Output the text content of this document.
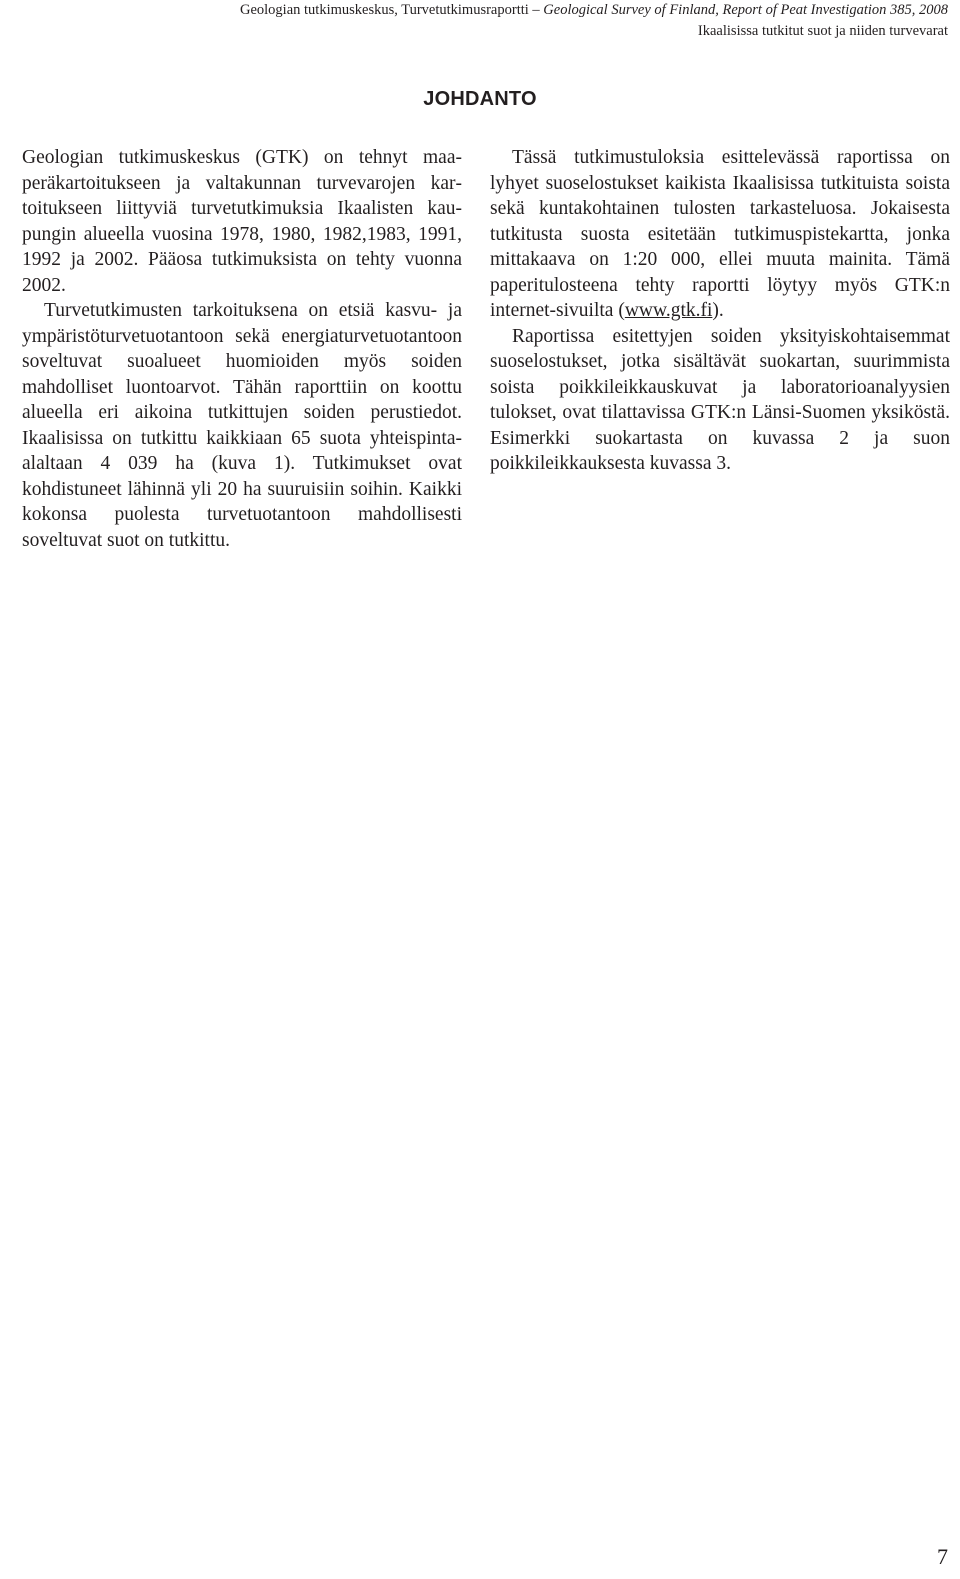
Geologian tutkimuskeskus, Turvetutkimusraportti – Geological Survey of Finland, Report of Peat Investigation 385, 2008
Ikaalisissa tutkitut suot ja niiden turvevarat
JOHDANTO

Geologian tutkimuskeskus (GTK) on tehnyt maaperäkartoitukseen ja valtakunnan turvevarojen kartoitukseen liittyviä turvetutkimuksia Ikaalisten kaupungin alueella vuosina 1978, 1980, 1982,1983, 1991, 1992 ja 2002. Pääosa tutkimuksista on tehty vuonna 2002.

Turvetutkimusten tarkoituksena on etsiä kasvu- ja ympäristöturvetuotantoon sekä energiaturvetuotantoon soveltuvat suoalueet huomioiden myös soiden mahdolliset luontoarvot. Tähän raporttiin on koottu alueella eri aikoina tutkittujen soiden perustiedot. Ikaalisissa on tutkittu kaikkiaan 65 suota yhteispinta-alaltaan 4 039 ha (kuva 1). Tutkimukset ovat kohdistuneet lähinnä yli 20 ha suuruisiin soihin. Kaikki kokonsa puolesta turvetuotantoon mahdollisesti soveltuvat suot on tutkittu.

Tässä tutkimustuloksia esittelevässä raportissa on lyhyet suoselostukset kaikista Ikaalisissa tutkituista soista sekä kuntakohtainen tulosten tarkasteluosa. Jokaisesta tutkitusta suosta esitetään tutkimuspistekartta, jonka mittakaava on 1:20 000, ellei muuta mainita. Tämä paperitulosteena tehty raportti löytyy myös GTK:n internet-sivuilta (www.gtk.fi).

Raportissa esitettyjen soiden yksityiskohtaisemmat suoselostukset, jotka sisältävät suokartan, suurimmista soista poikkileikkauskuvat ja laboratorioanalyysien tulokset, ovat tilattavissa GTK:n Länsi-Suomen yksiköstä. Esimerkki suokartasta on kuvassa 2 ja suon poikkileikkauksesta kuvassa 3.

7
